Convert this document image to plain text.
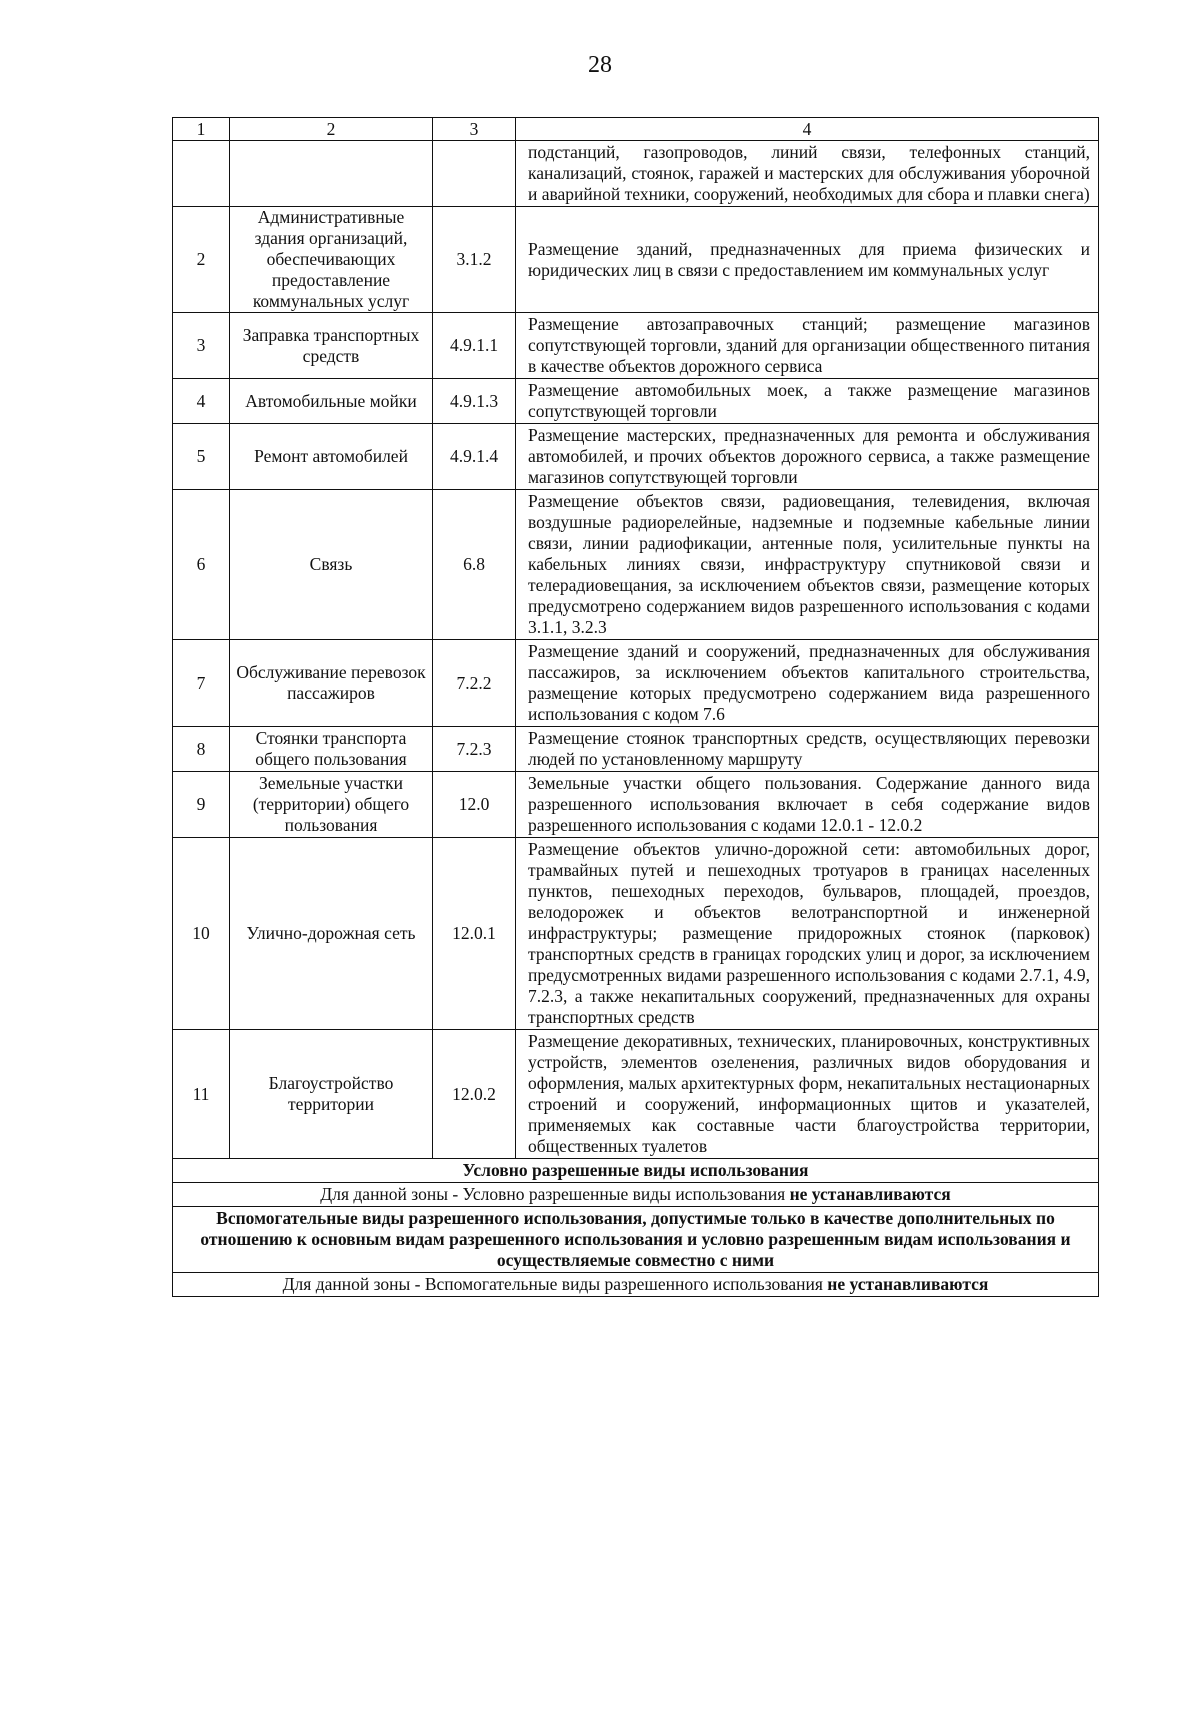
28
1	2	3	4
			подстанций, газопроводов, линий связи, телефонных станций, канализаций, стоянок, гаражей и мастерских для обслуживания уборочной и аварийной техники, сооружений, необходимых для сбора и плавки снега)
2	Административные здания организаций, обеспечивающих предоставление коммунальных услуг	3.1.2	Размещение зданий, предназначенных для приема физических и юридических лиц в связи с предоставлением им коммунальных услуг
3	Заправка транспортных средств	4.9.1.1	Размещение автозаправочных станций; размещение магазинов сопутствующей торговли, зданий для организации общественного питания в качестве объектов дорожного сервиса
4	Автомобильные мойки	4.9.1.3	Размещение автомобильных моек, а также размещение магазинов сопутствующей торговли
5	Ремонт автомобилей	4.9.1.4	Размещение мастерских, предназначенных для ремонта и обслуживания автомобилей, и прочих объектов дорожного сервиса, а также размещение магазинов сопутствующей торговли
6	Связь	6.8	Размещение объектов связи, радиовещания, телевидения, включая воздушные радиорелейные, надземные и подземные кабельные линии связи, линии радиофикации, антенные поля, усилительные пункты на кабельных линиях связи, инфраструктуру спутниковой связи и телерадиовещания, за исключением объектов связи, размещение которых предусмотрено содержанием видов разрешенного использования с кодами 3.1.1, 3.2.3
7	Обслуживание перевозок пассажиров	7.2.2	Размещение зданий и сооружений, предназначенных для обслуживания пассажиров, за исключением объектов капитального строительства, размещение которых предусмотрено содержанием вида разрешенного использования с кодом 7.6
8	Стоянки транспорта общего пользования	7.2.3	Размещение стоянок транспортных средств, осуществляющих перевозки людей по установленному маршруту
9	Земельные участки (территории) общего пользования	12.0	Земельные участки общего пользования. Содержание данного вида разрешенного использования включает в себя содержание видов разрешенного использования с кодами 12.0.1 - 12.0.2
10	Улично-дорожная сеть	12.0.1	Размещение объектов улично-дорожной сети: автомобильных дорог, трамвайных путей и пешеходных тротуаров в границах населенных пунктов, пешеходных переходов, бульваров, площадей, проездов, велодорожек и объектов велотранспортной и инженерной инфраструктуры; размещение придорожных стоянок (парковок) транспортных средств в границах городских улиц и дорог, за исключением предусмотренных видами разрешенного использования с кодами 2.7.1, 4.9, 7.2.3, а также некапитальных сооружений, предназначенных для охраны транспортных средств
11	Благоустройство территории	12.0.2	Размещение декоративных, технических, планировочных, конструктивных устройств, элементов озеленения, различных видов оборудования и оформления, малых архитектурных форм, некапитальных нестационарных строений и сооружений, информационных щитов и указателей, применяемых как составные части благоустройства территории, общественных туалетов
Условно разрешенные виды использования			
Для данной зоны - Условно разрешенные виды использования не устанавливаются			
Вспомогательные виды разрешенного использования, допустимые только в качестве дополнительных по отношению к основным видам разрешенного использования и условно разрешенным видам использования и осуществляемые совместно с ними			
Для данной зоны - Вспомогательные виды разрешенного использования не устанавливаются			
